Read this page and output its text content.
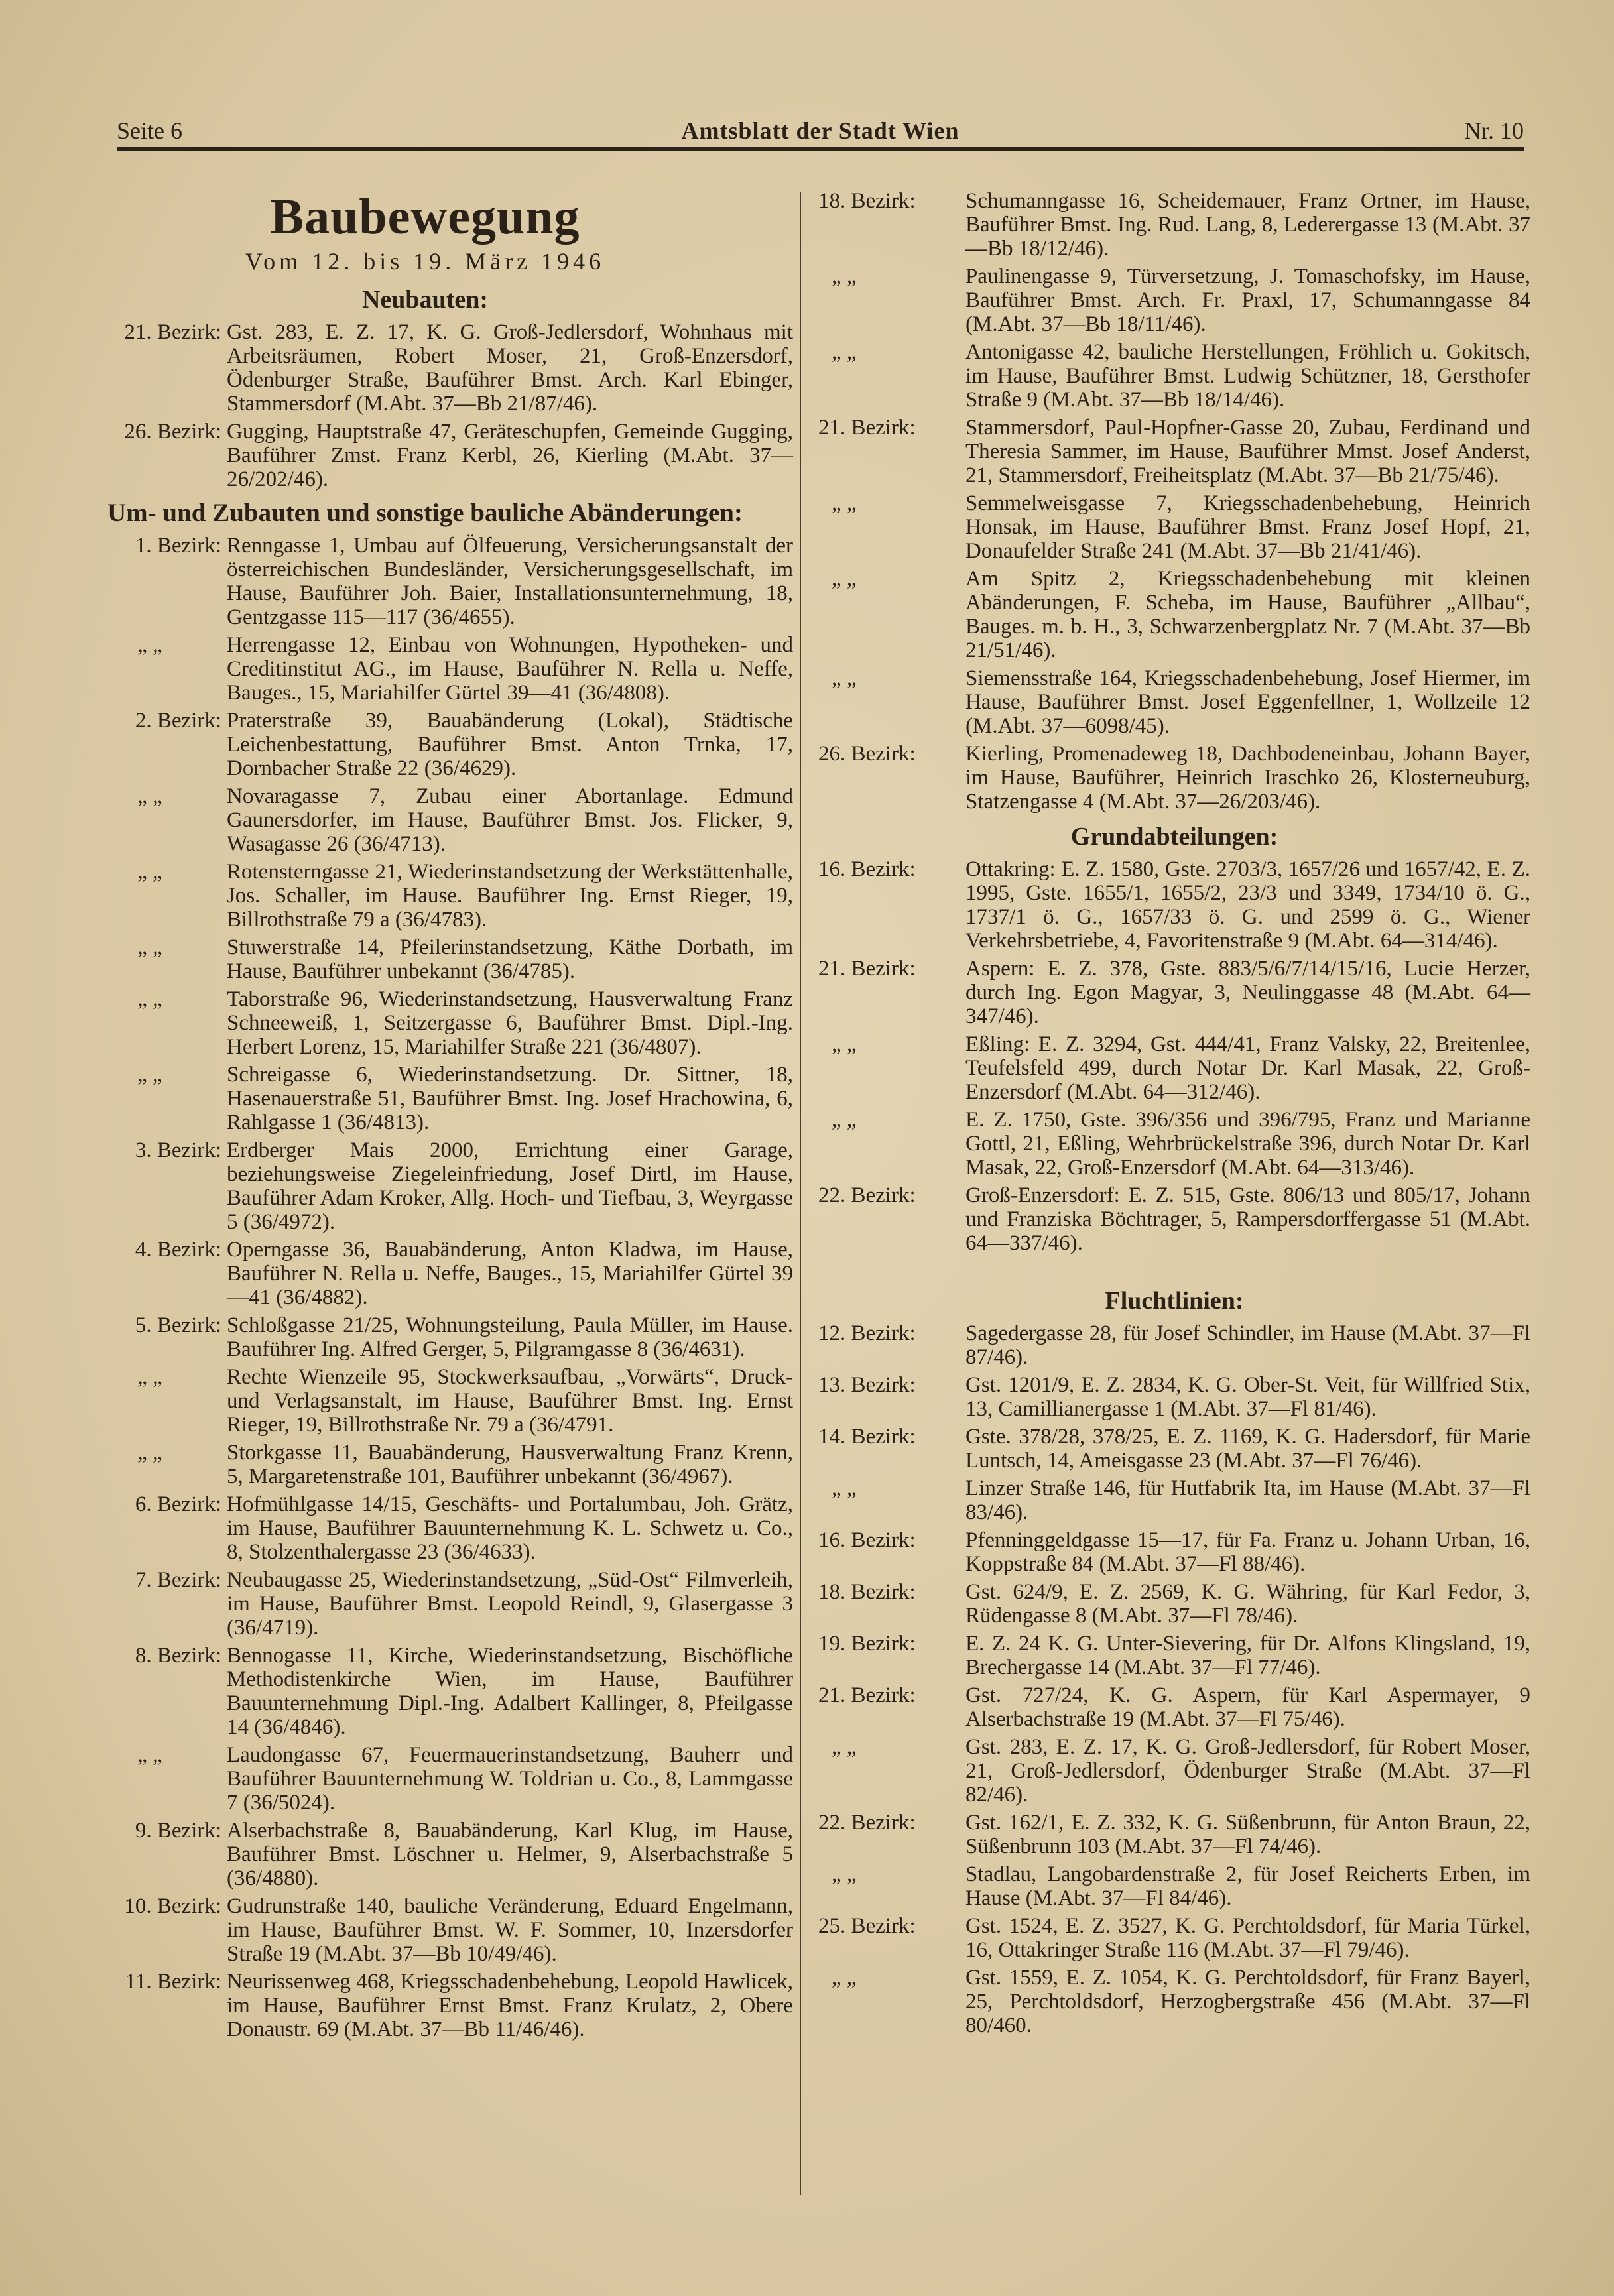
Seite 6	Amtsblatt der Stadt Wien	Nr. 10
Baubewegung
Vom 12. bis 19. März 1946
Neubauten:
21. Bezirk: Gst. 283, E. Z. 17, K. G. Groß-Jedlersdorf, Wohnhaus mit Arbeitsräumen, Robert Moser, 21, Groß-Enzersdorf, Ödenburger Straße, Bauführer Bmst. Arch. Karl Ebinger, Stammersdorf (M.Abt. 37—Bb 21/87/46).
26. Bezirk: Gugging, Hauptstraße 47, Geräteschupfen, Gemeinde Gugging, Bauführer Zmst. Franz Kerbl, 26, Kierling (M.Abt. 37—26/202/46).
Um- und Zubauten und sonstige bauliche Abänderungen:
1. Bezirk: Renngasse 1, Umbau auf Ölfeuerung, Versicherungsanstalt der österreichischen Bundesländer, Versicherungsgesellschaft, im Hause, Bauführer Joh. Baier, Installationsunternehmung, 18, Gentzgasse 115—117 (36/4655).
„ „	Herrengasse 12, Einbau von Wohnungen, Hypotheken- und Creditinstitut AG., im Hause, Bauführer N. Rella u. Neffe, Bauges., 15, Mariahilfer Gürtel 39—41 (36/4808).
2. Bezirk: Praterstraße 39, Bauabänderung (Lokal), Städtische Leichenbestattung, Bauführer Bmst. Anton Trnka, 17, Dornbacher Straße 22 (36/4629).
„ „	Novaragasse 7, Zubau einer Abortanlage. Edmund Gaunersdorfer, im Hause, Bauführer Bmst. Jos. Flicker, 9, Wasagasse 26 (36/4713).
„ „	Rotensterngasse 21, Wiederinstandsetzung der Werkstättenhalle, Jos. Schaller, im Hause. Bauführer Ing. Ernst Rieger, 19, Billrothstraße 79 a (36/4783).
„ „	Stuwerstraße 14, Pfeilerinstandsetzung, Käthe Dorbath, im Hause, Bauführer unbekannt (36/4785).
„ „	Taborstraße 96, Wiederinstandsetzung, Hausverwaltung Franz Schneeweiß, 1, Seitzergasse 6, Bauführer Bmst. Dipl.-Ing. Herbert Lorenz, 15, Mariahilfer Straße 221 (36/4807).
„ „	Schreigasse 6, Wiederinstandsetzung. Dr. Sittner, 18, Hasenauerstraße 51, Bauführer Bmst. Ing. Josef Hrachowina, 6, Rahlgasse 1 (36/4813).
3. Bezirk: Erdberger Mais 2000, Errichtung einer Garage, beziehungsweise Ziegeleinfriedung, Josef Dirtl, im Hause, Bauführer Adam Kroker, Allg. Hoch- und Tiefbau, 3, Weyrgasse 5 (36/4972).
4. Bezirk: Operngasse 36, Bauabänderung, Anton Kladwa, im Hause, Bauführer N. Rella u. Neffe, Bauges., 15, Mariahilfer Gürtel 39—41 (36/4882).
5. Bezirk: Schloßgasse 21/25, Wohnungsteilung, Paula Müller, im Hause. Bauführer Ing. Alfred Gerger, 5, Pilgramgasse 8 (36/4631).
„ „	Rechte Wienzeile 95, Stockwerksaufbau, „Vorwärts“, Druck- und Verlagsanstalt, im Hause, Bauführer Bmst. Ing. Ernst Rieger, 19, Billrothstraße Nr. 79 a (36/4791.
„ „	Storkgasse 11, Bauabänderung, Hausverwaltung Franz Krenn, 5, Margaretenstraße 101, Bauführer unbekannt (36/4967).
6. Bezirk: Hofmühlgasse 14/15, Geschäfts- und Portalumbau, Joh. Grätz, im Hause, Bauführer Bauunternehmung K. L. Schwetz u. Co., 8, Stolzenthalergasse 23 (36/4633).
7. Bezirk: Neubaugasse 25, Wiederinstandsetzung, „Süd-Ost“ Filmverleih, im Hause, Bauführer Bmst. Leopold Reindl, 9, Glasergasse 3 (36/4719).
8. Bezirk: Bennogasse 11, Kirche, Wiederinstandsetzung, Bischöfliche Methodistenkirche Wien, im Hause, Bauführer Bauunternehmung Dipl.-Ing. Adalbert Kallinger, 8, Pfeilgasse 14 (36/4846).
„ „	Laudongasse 67, Feuermauerinstandsetzung, Bauherr und Bauführer Bauunternehmung W. Toldrian u. Co., 8, Lammgasse 7 (36/5024).
9. Bezirk: Alserbachstraße 8, Bauabänderung, Karl Klug, im Hause, Bauführer Bmst. Löschner u. Helmer, 9, Alserbachstraße 5 (36/4880).
10. Bezirk: Gudrunstraße 140, bauliche Veränderung, Eduard Engelmann, im Hause, Bauführer Bmst. W. F. Sommer, 10, Inzersdorfer Straße 19 (M.Abt. 37—Bb 10/49/46).
11. Bezirk: Neurissenweg 468, Kriegsschadenbehebung, Leopold Hawlicek, im Hause, Bauführer Ernst Bmst. Franz Krulatz, 2, Obere Donaustr. 69 (M.Abt. 37—Bb 11/46/46).
18. Bezirk:	Schumanngasse 16, Scheidemauer, Franz Ortner, im Hause, Bauführer Bmst. Ing. Rud. Lang, 8, Lederergasse 13 (M.Abt. 37—Bb 18/12/46).
„ „	Paulinengasse 9, Türversetzung, J. Tomaschofsky, im Hause, Bauführer Bmst. Arch. Fr. Praxl, 17, Schumanngasse 84 (M.Abt. 37—Bb 18/11/46).
„ „	Antonigasse 42, bauliche Herstellungen, Fröhlich u. Gokitsch, im Hause, Bauführer Bmst. Ludwig Schützner, 18, Gersthofer Straße 9 (M.Abt. 37—Bb 18/14/46).
21. Bezirk:	Stammersdorf, Paul-Hopfner-Gasse 20, Zubau, Ferdinand und Theresia Sammer, im Hause, Bauführer Mmst. Josef Anderst, 21, Stammersdorf, Freiheitsplatz (M.Abt. 37—Bb 21/75/46).
„ „	Semmelweisgasse 7, Kriegsschadenbehebung, Heinrich Honsak, im Hause, Bauführer Bmst. Franz Josef Hopf, 21, Donaufelder Straße 241 (M.Abt. 37—Bb 21/41/46).
„ „	Am Spitz 2, Kriegsschadenbehebung mit kleinen Abänderungen, F. Scheba, im Hause, Bauführer „Allbau“, Bauges. m. b. H., 3, Schwarzenbergplatz Nr. 7 (M.Abt. 37—Bb 21/51/46).
„ „	Siemensstraße 164, Kriegsschadenbehebung, Josef Hiermer, im Hause, Bauführer Bmst. Josef Eggenfellner, 1, Wollzeile 12 (M.Abt. 37—6098/45).
26. Bezirk:	Kierling, Promenadeweg 18, Dachbodeneinbau, Johann Bayer, im Hause, Bauführer, Heinrich Iraschko 26, Klosterneuburg, Statzengasse 4 (M.Abt. 37—26/203/46).
Grundabteilungen:
16. Bezirk:	Ottakring: E. Z. 1580, Gste. 2703/3, 1657/26 und 1657/42, E. Z. 1995, Gste. 1655/1, 1655/2, 23/3 und 3349, 1734/10 ö. G., 1737/1 ö. G., 1657/33 ö. G. und 2599 ö. G., Wiener Verkehrsbetriebe, 4, Favoritenstraße 9 (M.Abt. 64—314/46).
21. Bezirk:	Aspern: E. Z. 378, Gste. 883/5/6/7/14/15/16, Lucie Herzer, durch Ing. Egon Magyar, 3, Neulinggasse 48 (M.Abt. 64—347/46).
„ „	Eßling: E. Z. 3294, Gst. 444/41, Franz Valsky, 22, Breitenlee, Teufelsfeld 499, durch Notar Dr. Karl Masak, 22, Groß-Enzersdorf (M.Abt. 64—312/46).
„ „	E. Z. 1750, Gste. 396/356 und 396/795, Franz und Marianne Gottl, 21, Eßling, Wehrbrückelstraße 396, durch Notar Dr. Karl Masak, 22, Groß-Enzersdorf (M.Abt. 64—313/46).
22. Bezirk:	Groß-Enzersdorf: E. Z. 515, Gste. 806/13 und 805/17, Johann und Franziska Böchtrager, 5, Rampersdorffergasse 51 (M.Abt. 64—337/46).
Fluchtlinien:
12. Bezirk:	Sagedergasse 28, für Josef Schindler, im Hause (M.Abt. 37—Fl 87/46).
13. Bezirk:	Gst. 1201/9, E. Z. 2834, K. G. Ober-St. Veit, für Willfried Stix, 13, Camillianergasse 1 (M.Abt. 37—Fl 81/46).
14. Bezirk:	Gste. 378/28, 378/25, E. Z. 1169, K. G. Hadersdorf, für Marie Luntsch, 14, Ameisgasse 23 (M.Abt. 37—Fl 76/46).
„ „	Linzer Straße 146, für Hutfabrik Ita, im Hause (M.Abt. 37—Fl 83/46).
16. Bezirk:	Pfenninggeldgasse 15—17, für Fa. Franz u. Johann Urban, 16, Koppstraße 84 (M.Abt. 37—Fl 88/46).
18. Bezirk:	Gst. 624/9, E. Z. 2569, K. G. Währing, für Karl Fedor, 3, Rüdengasse 8 (M.Abt. 37—Fl 78/46).
19. Bezirk:	E. Z. 24 K. G. Unter-Sievering, für Dr. Alfons Klingsland, 19, Brechergasse 14 (M.Abt. 37—Fl 77/46).
21. Bezirk:	Gst. 727/24, K. G. Aspern, für Karl Aspermayer, 9 Alserbachstraße 19 (M.Abt. 37—Fl 75/46).
„ „	Gst. 283, E. Z. 17, K. G. Groß-Jedlersdorf, für Robert Moser, 21, Groß-Jedlersdorf, Ödenburger Straße (M.Abt. 37—Fl 82/46).
22. Bezirk:	Gst. 162/1, E. Z. 332, K. G. Süßenbrunn, für Anton Braun, 22, Süßenbrunn 103 (M.Abt. 37—Fl 74/46).
„ „	Stadlau, Langobardenstraße 2, für Josef Reicherts Erben, im Hause (M.Abt. 37—Fl 84/46).
25. Bezirk:	Gst. 1524, E. Z. 3527, K. G. Perchtoldsdorf, für Maria Türkel, 16, Ottakringer Straße 116 (M.Abt. 37—Fl 79/46).
„ „	Gst. 1559, E. Z. 1054, K. G. Perchtoldsdorf, für Franz Bayerl, 25, Perchtoldsdorf, Herzogbergstraße 456 (M.Abt. 37—Fl 80/460.
